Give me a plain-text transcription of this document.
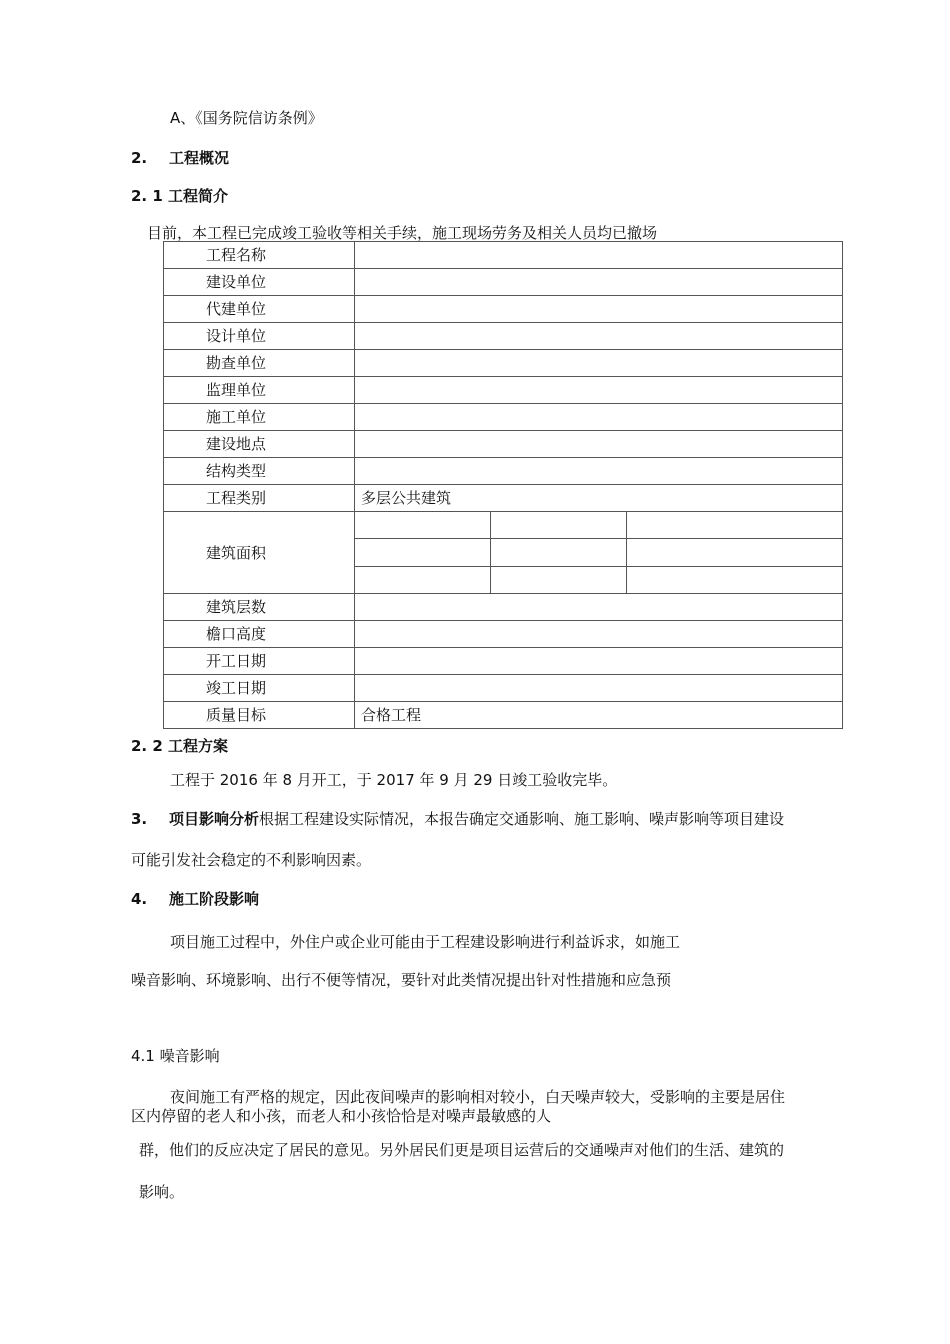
A、《国务院信访条例》
2. 工程概况
2. 1 工程简介
目前，本工程已完成竣工验收等相关手续，施工现场劳务及相关人员均已撤场
工程名称	
建设单位	
代建单位	
设计单位	
勘查单位	
监理单位	
施工单位	
建设地点	
结构类型	
工程类别	多层公共建筑
建筑面积	

建筑层数	
檐口高度	
开工日期	
竣工日期	
质量目标	合格工程
2. 2 工程方案
工程于 2016 年 8 月开工，于 2017 年 9 月 29 日竣工验收完毕。
3. 项目影响分析根据工程建设实际情况，本报告确定交通影响、施工影响、噪声影响等项目建设
可能引发社会稳定的不利影响因素。
4. 施工阶段影响
项目施工过程中，外住户或企业可能由于工程建设影响进行利益诉求，如施工
噪音影响、环境影响、出行不便等情况，要针对此类情况提出针对性措施和应急预
4.1 噪音影响
夜间施工有严格的规定，因此夜间噪声的影响相对较小，白天噪声较大，受影响的主要是居住
区内停留的老人和小孩，而老人和小孩恰恰是对噪声最敏感的人
群，他们的反应决定了居民的意见。另外居民们更是项目运营后的交通噪声对他们的生活、建筑的
影响。
